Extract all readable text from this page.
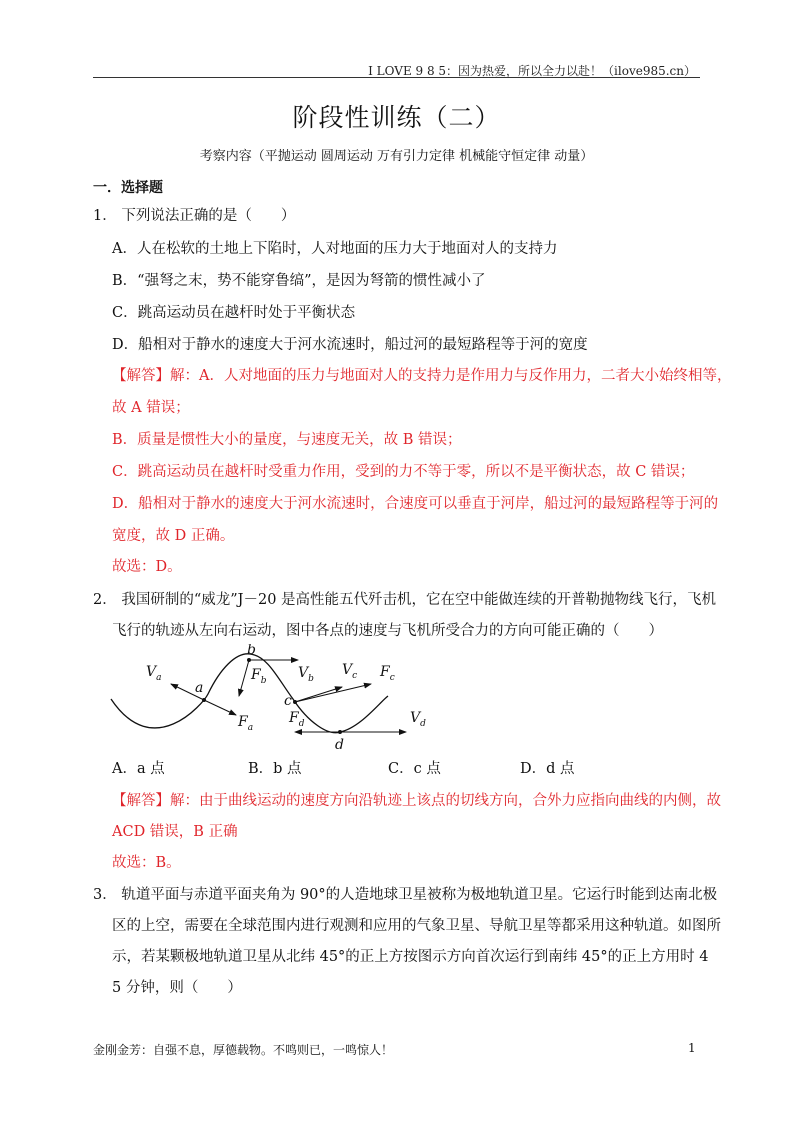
I LOVE 9 8 5：因为热爱，所以全力以赴！（ilove985.cn）
阶段性训练（二）
考察内容（平抛运动 圆周运动 万有引力定律 机械能守恒定律 动量）
一．选择题
1． 下列说法正确的是（　　）
A．人在松软的土地上下陷时，人对地面的压力大于地面对人的支持力
B．“强弩之末，势不能穿鲁缟”，是因为弩箭的惯性减小了
C．跳高运动员在越杆时处于平衡状态
D．船相对于静水的速度大于河水流速时，船过河的最短路程等于河的宽度
【解答】解：A．人对地面的压力与地面对人的支持力是作用力与反作用力，二者大小始终相等，
故 A 错误；
B．质量是惯性大小的量度，与速度无关，故 B 错误；
C．跳高运动员在越杆时受重力作用，受到的力不等于零，所以不是平衡状态，故 C 错误；
D．船相对于静水的速度大于河水流速时，合速度可以垂直于河岸，船过河的最短路程等于河的
宽度，故 D 正确。
故选：D。
2． 我国研制的“威龙”J－20 是高性能五代歼击机，它在空中能做连续的开普勒抛物线飞行，飞机
飞行的轨迹从左向右运动，图中各点的速度与飞机所受合力的方向可能正确的（　　）
$V_a$
a
$F_a$
b
$F_b$ $V_b$
$V_c$ $F_c$
c
$F_d$	$V_d$
d
A．a 点	B．b 点	C．c 点	D．d 点
【解答】解：由于曲线运动的速度方向沿轨迹上该点的切线方向，合外力应指向曲线的内侧，故
ACD 错误，B 正确
故选：B。
3． 轨道平面与赤道平面夹角为 90°的人造地球卫星被称为极地轨道卫星。它运行时能到达南北极
区的上空，需要在全球范围内进行观测和应用的气象卫星、导航卫星等都采用这种轨道。如图所
示，若某颗极地轨道卫星从北纬 45°的正上方按图示方向首次运行到南纬 45°的正上方用时 4
5 分钟，则（　　）
金刚金芳：自强不息，厚德载物。不鸣则已，一鸣惊人！	1
